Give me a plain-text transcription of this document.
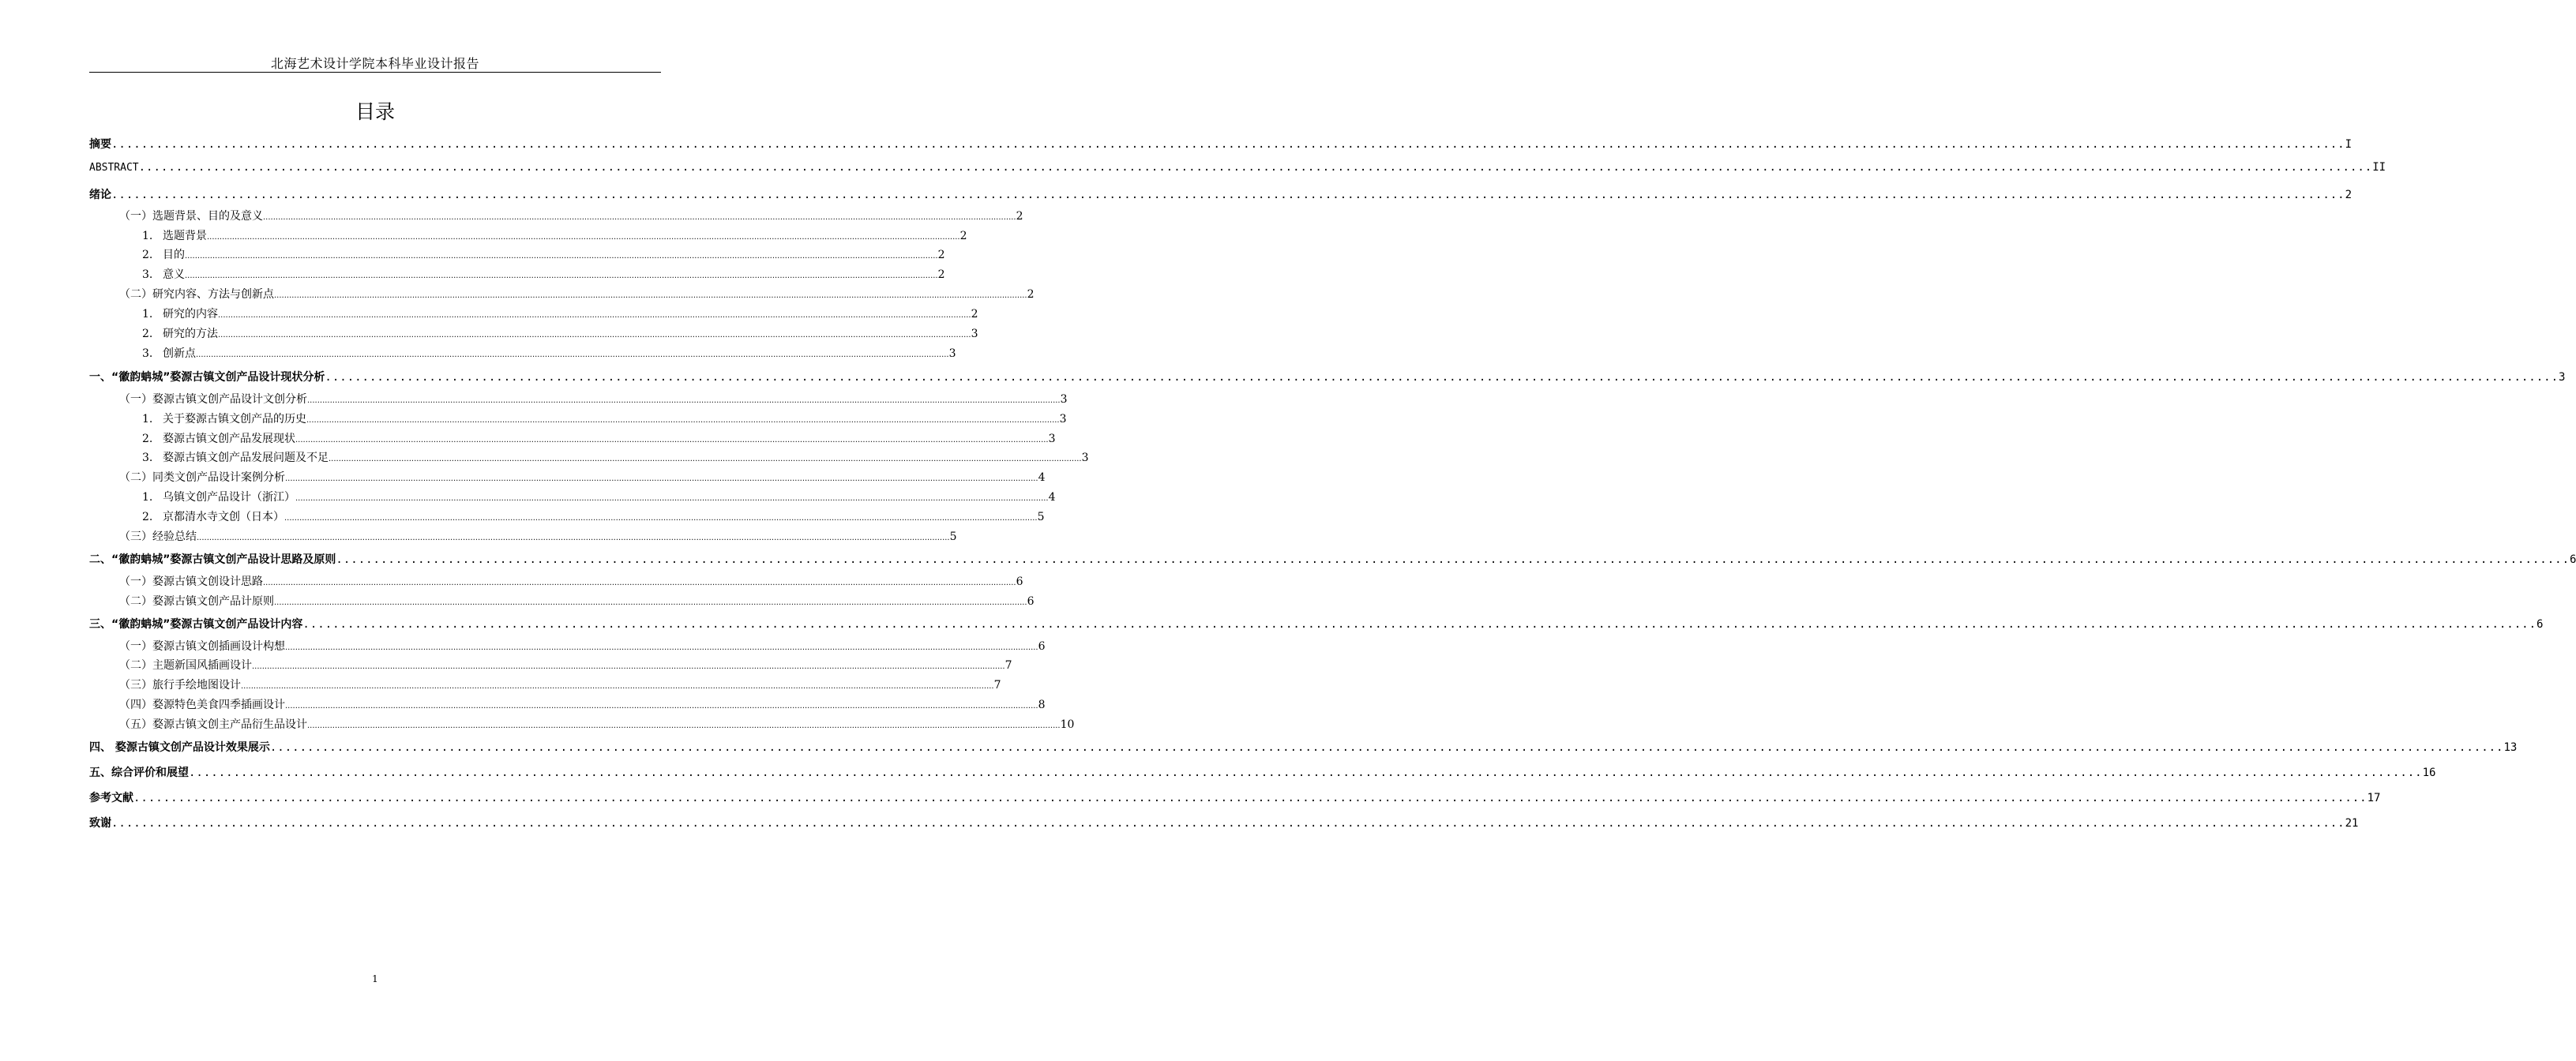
北海艺术设计学院本科毕业设计报告
目录
摘要 ............................................................................................................................................................................................................................................................................................................ I
ABSTRACT ............................................................................................................................................................................................................................................................................................................ II
绪论 ............................................................................................................................................................................................................................................................................................................ 2
（一）选题背景、目的及意义 ............................................................................................................................................................................................................................................................................................................ 2
1. 选题背景 ............................................................................................................................................................................................................................................................................................................ 2
2. 目的 ............................................................................................................................................................................................................................................................................................................ 2
3. 意义 ............................................................................................................................................................................................................................................................................................................ 2
（二）研究内容、方法与创新点 ............................................................................................................................................................................................................................................................................................................ 2
1. 研究的内容 ............................................................................................................................................................................................................................................................................................................ 2
2. 研究的方法 ............................................................................................................................................................................................................................................................................................................ 3
3. 创新点 ............................................................................................................................................................................................................................................................................................................ 3
一、“徽韵蚺城”婺源古镇文创产品设计现状分析 ............................................................................................................................................................................................................................................................................................................ 3
（一）婺源古镇文创产品设计文创分析 ............................................................................................................................................................................................................................................................................................................ 3
1. 关于婺源古镇文创产品的历史 ............................................................................................................................................................................................................................................................................................................ 3
2. 婺源古镇文创产品发展现状 ............................................................................................................................................................................................................................................................................................................ 3
3. 婺源古镇文创产品发展问题及不足 ............................................................................................................................................................................................................................................................................................................ 3
（二）同类文创产品设计案例分析 ............................................................................................................................................................................................................................................................................................................ 4
1. 乌镇文创产品设计（浙江） ............................................................................................................................................................................................................................................................................................................ 4
2. 京都清水寺文创（日本） ............................................................................................................................................................................................................................................................................................................ 5
（三）经验总结 ............................................................................................................................................................................................................................................................................................................ 5
二、“徽韵蚺城”婺源古镇文创产品设计思路及原则 ............................................................................................................................................................................................................................................................................................................ 6
（一）婺源古镇文创设计思路 ............................................................................................................................................................................................................................................................................................................ 6
（二）婺源古镇文创产品计原则 ............................................................................................................................................................................................................................................................................................................ 6
三、“徽韵蚺城”婺源古镇文创产品设计内容 ............................................................................................................................................................................................................................................................................................................ 6
（一）婺源古镇文创插画设计构想 ............................................................................................................................................................................................................................................................................................................ 6
（二）主题新国风插画设计 ............................................................................................................................................................................................................................................................................................................ 7
（三）旅行手绘地图设计 ............................................................................................................................................................................................................................................................................................................ 7
（四）婺源特色美食四季插画设计 ............................................................................................................................................................................................................................................................................................................ 8
（五）婺源古镇文创主产品衍生品设计 ............................................................................................................................................................................................................................................................................................................ 10
四、 婺源古镇文创产品设计效果展示 ............................................................................................................................................................................................................................................................................................................ 13
五、综合评价和展望 ............................................................................................................................................................................................................................................................................................................ 16
参考文献 ............................................................................................................................................................................................................................................................................................................ 17
致谢 ............................................................................................................................................................................................................................................................................................................ 21
1
